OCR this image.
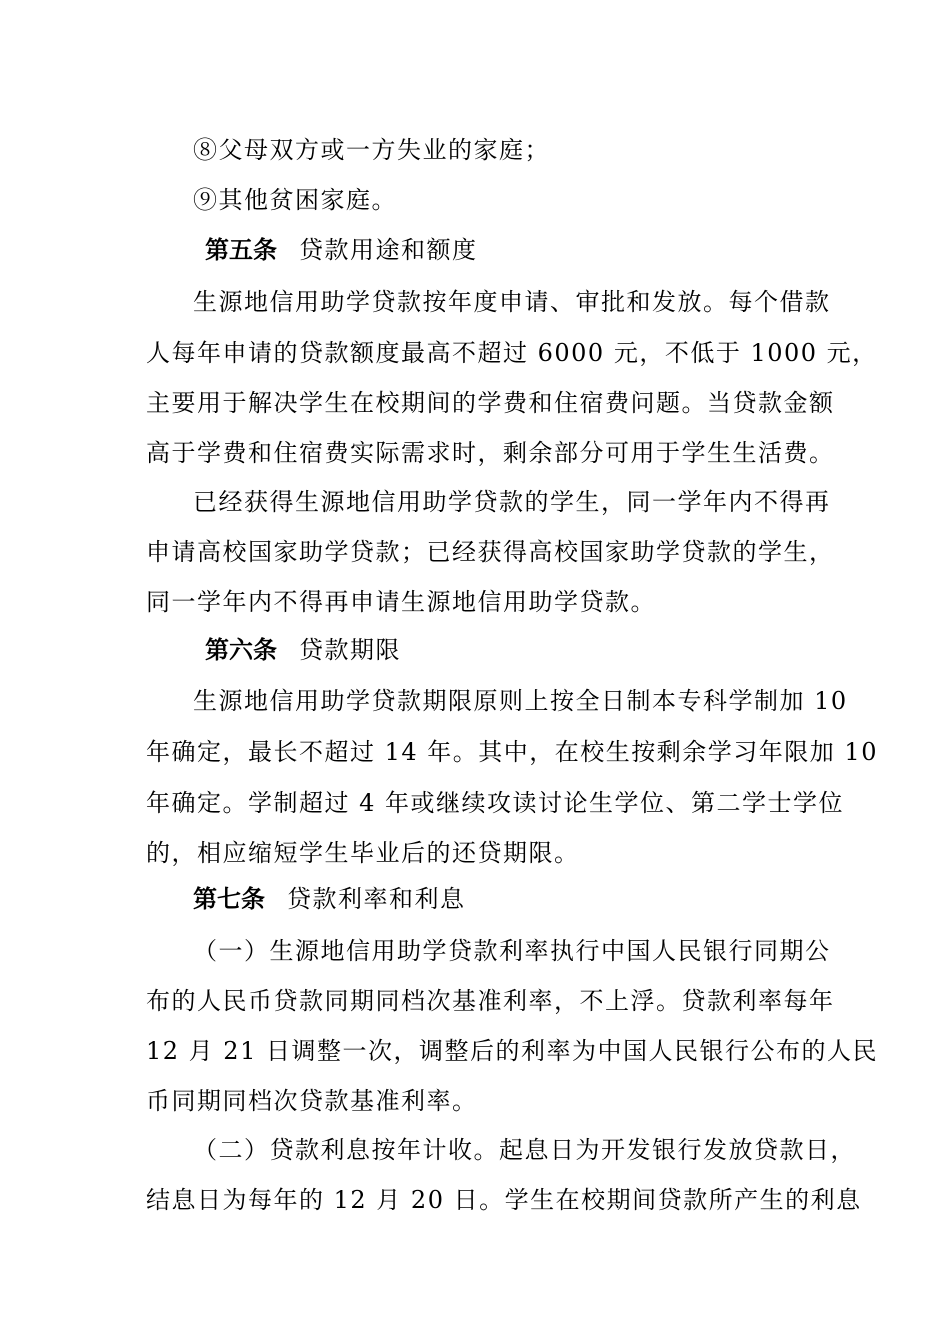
⑧父母双方或一方失业的家庭；
⑨其他贫困家庭。
第五条 贷款用途和额度
生源地信用助学贷款按年度申请、审批和发放。每个借款
人每年申请的贷款额度最高不超过 6000 元，不低于 1000 元，
主要用于解决学生在校期间的学费和住宿费问题。当贷款金额
高于学费和住宿费实际需求时，剩余部分可用于学生生活费。
已经获得生源地信用助学贷款的学生，同一学年内不得再
申请高校国家助学贷款；已经获得高校国家助学贷款的学生，
同一学年内不得再申请生源地信用助学贷款。
第六条 贷款期限
生源地信用助学贷款期限原则上按全日制本专科学制加 10
年确定，最长不超过 14 年。其中，在校生按剩余学习年限加 10
年确定。学制超过 4 年或继续攻读讨论生学位、第二学士学位
的，相应缩短学生毕业后的还贷期限。
第七条 贷款利率和利息
（一）生源地信用助学贷款利率执行中国人民银行同期公
布的人民币贷款同期同档次基准利率，不上浮。贷款利率每年
12 月 21 日调整一次，调整后的利率为中国人民银行公布的人民
币同期同档次贷款基准利率。
（二）贷款利息按年计收。起息日为开发银行发放贷款日，
结息日为每年的 12 月 20 日。学生在校期间贷款所产生的利息
